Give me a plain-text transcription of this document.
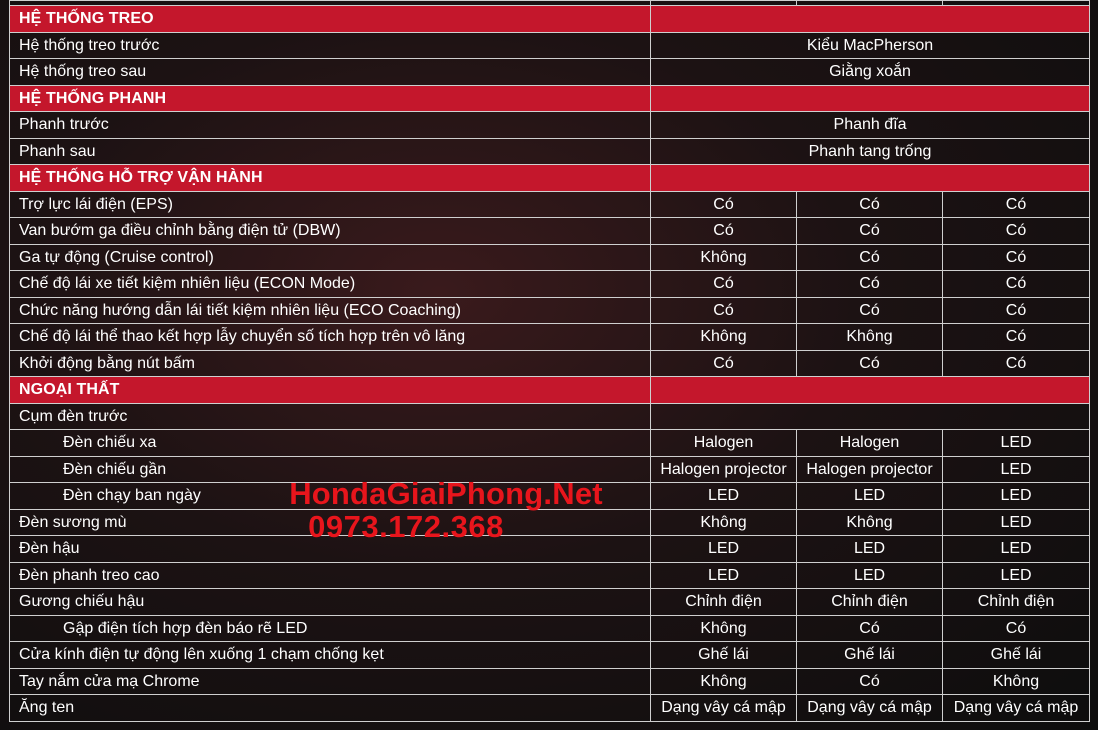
HỆ THỐNG TREO			
Hệ thống treo trước	Kiểu MacPherson		
Hệ thống treo sau	Giằng xoắn		
HỆ THỐNG PHANH			
Phanh trước	Phanh đĩa		
Phanh sau	Phanh tang trống		
HỆ THỐNG HỖ TRỢ VẬN HÀNH			
Trợ lực lái điện (EPS)	Có	Có	Có
Van bướm ga điều chỉnh bằng điện tử (DBW)	Có	Có	Có
Ga tự động (Cruise control)	Không	Có	Có
Chế độ lái xe tiết kiệm nhiên liệu (ECON Mode)	Có	Có	Có
Chức năng hướng dẫn lái tiết kiệm nhiên liệu (ECO Coaching)	Có	Có	Có
Chế độ lái thể thao kết hợp lẫy chuyển số tích hợp trên vô lăng	Không	Không	Có
Khởi động bằng nút bấm	Có	Có	Có
NGOẠI THẤT			
Cụm đèn trước			
Đèn chiếu xa	Halogen	Halogen	LED
Đèn chiếu gần	Halogen projector	Halogen projector	LED
Đèn chạy ban ngày	LED	LED	LED
Đèn sương mù	Không	Không	LED
Đèn hậu	LED	LED	LED
Đèn phanh treo cao	LED	LED	LED
Gương chiếu hậu	Chỉnh điện	Chỉnh điện	Chỉnh điện
Gập điện tích hợp đèn báo rẽ LED	Không	Có	Có
Cửa kính điện tự động lên xuống 1 chạm chống kẹt	Ghế lái	Ghế lái	Ghế lái
Tay nắm cửa mạ Chrome	Không	Có	Không
Ăng ten	Dạng vây cá mập	Dạng vây cá mập	Dạng vây cá mập
HondaGiaiPhong.Net
0973.172.368
